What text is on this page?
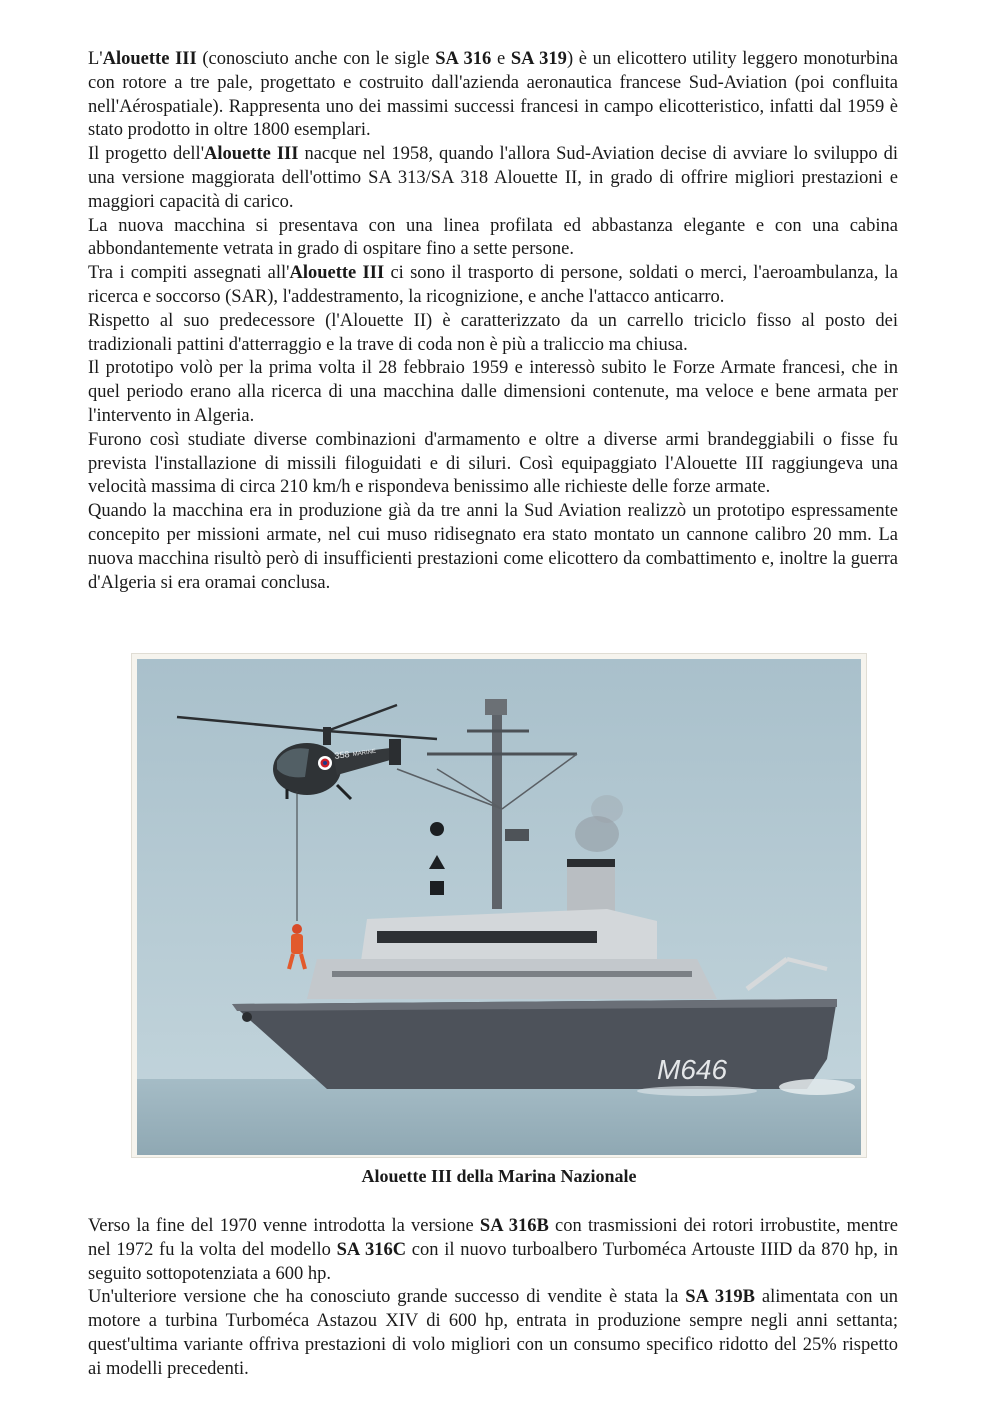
L'Alouette III (conosciuto anche con le sigle SA 316 e SA 319) è un elicottero utility leggero monoturbina con rotore a tre pale, progettato e costruito dall'azienda aeronautica francese Sud-Aviation (poi confluita nell'Aérospatiale). Rappresenta uno dei massimi successi francesi in campo elicotteristico, infatti dal 1959 è stato prodotto in oltre 1800 esemplari.

Il progetto dell'Alouette III nacque nel 1958, quando l'allora Sud-Aviation decise di avviare lo sviluppo di una versione maggiorata dell'ottimo SA 313/SA 318 Alouette II, in grado di offrire migliori prestazioni e maggiori capacità di carico.

La nuova macchina si presentava con una linea profilata ed abbastanza elegante e con una cabina abbondantemente vetrata in grado di ospitare fino a sette persone.

Tra i compiti assegnati all'Alouette III ci sono il trasporto di persone, soldati o merci, l'aeroambulanza, la ricerca e soccorso (SAR), l'addestramento, la ricognizione, e anche l'attacco anticarro.

Rispetto al suo predecessore (l'Alouette II) è caratterizzato da un carrello triciclo fisso al posto dei tradizionali pattini d'atterraggio e la trave di coda non è più a traliccio ma chiusa.

Il prototipo volò per la prima volta il 28 febbraio 1959 e interessò subito le Forze Armate francesi, che in quel periodo erano alla ricerca di una macchina dalle dimensioni contenute, ma veloce e bene armata per l'intervento in Algeria.

Furono così studiate diverse combinazioni d'armamento e oltre a diverse armi brandeggiabili o fisse fu prevista l'installazione di missili filoguidati e di siluri. Così equipaggiato l'Alouette III raggiungeva una velocità massima di circa 210 km/h e rispondeva benissimo alle richieste delle forze armate.

Quando la macchina era in produzione già da tre anni la Sud Aviation realizzò un prototipo espressamente concepito per missioni armate, nel cui muso ridisegnato era stato montato un cannone calibro 20 mm. La nuova macchina risultò però di insufficienti prestazioni come elicottero da combattimento e, inoltre la guerra d'Algeria si era oramai conclusa.

M646
358 MARINE
Alouette III della Marina Nazionale

Verso la fine del 1970 venne introdotta la versione SA 316B con trasmissioni dei rotori irrobustite, mentre nel 1972 fu la volta del modello SA 316C con il nuovo turboalbero Turboméca Artouste IIID da 870 hp, in seguito sottopotenziata a 600 hp.

Un'ulteriore versione che ha conosciuto grande successo di vendite è stata la SA 319B alimentata con un motore a turbina Turboméca Astazou XIV di 600 hp, entrata in produzione sempre negli anni settanta; quest'ultima variante offriva prestazioni di volo migliori con un consumo specifico ridotto del 25% rispetto ai modelli precedenti.
